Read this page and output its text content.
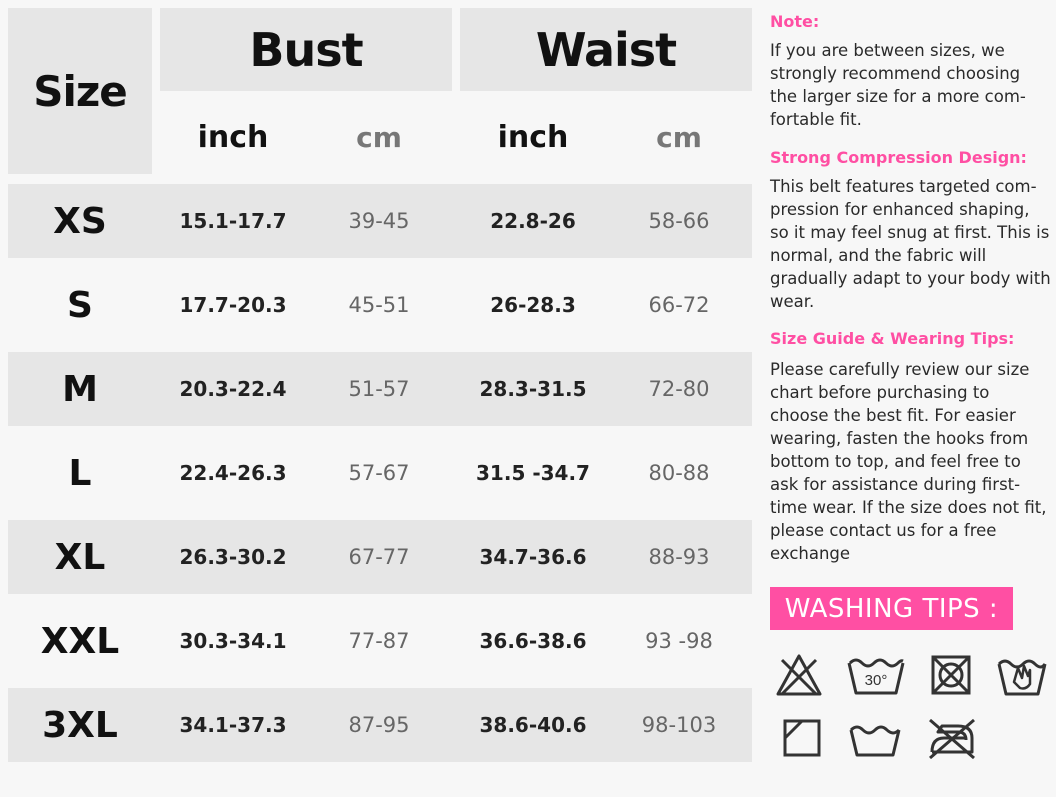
Size
Bust	Waist
inch	cm	inch	cm
XS	15.1-17.7	39-45	22.8-26	58-66
S	17.7-20.3	45-51	26-28.3	66-72
M	20.3-22.4	51-57	28.3-31.5	72-80
L	22.4-26.3	57-67	31.5 -34.7	80-88
XL	26.3-30.2	67-77	34.7-36.6	88-93
XXL	30.3-34.1	77-87	36.6-38.6	93 -98
3XL	34.1-37.3	87-95	38.6-40.6	98-103
Note:
If you are between sizes, we strongly recommend choosing the larger size for a more com-fortable fit.
Strong Compression Design:
This belt features targeted com-pression for enhanced shaping, so it may feel snug at first. This is normal, and the fabric will gradually adapt to your body with wear.
Size Guide & Wearing Tips:
Please carefully review our size chart before purchasing to choose the best fit. For easier wearing, fasten the hooks from bottom to top, and feel free to ask for assistance during first-time wear. If the size does not fit, please contact us for a free exchange
WASHING TIPS :
30°
